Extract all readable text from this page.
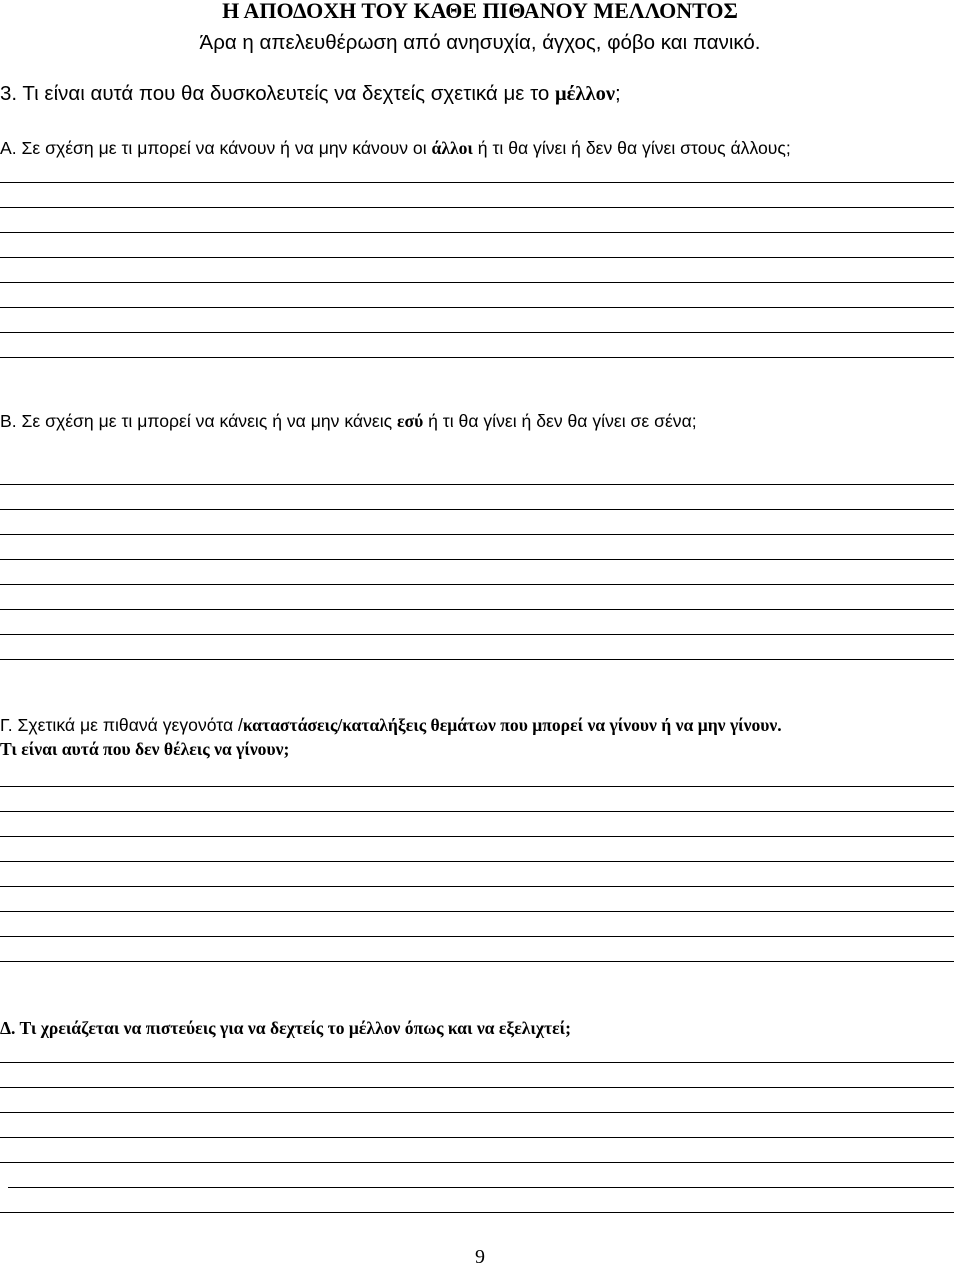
Η ΑΠΟΔΟΧΗ ΤΟΥ ΚΑΘΕ ΠΙΘΑΝΟΥ ΜΕΛΛΟΝΤΟΣ
Άρα η απελευθέρωση από ανησυχία, άγχος, φόβο και πανικό.
3. Τι είναι αυτά που θα δυσκολευτείς να δεχτείς σχετικά με το μέλλον;
Α. Σε σχέση με τι μπορεί να κάνουν ή να μην κάνουν οι άλλοι ή τι θα γίνει ή δεν θα γίνει στους άλλους;
Β. Σε σχέση με τι μπορεί να κάνεις ή να μην κάνεις εσύ ή τι θα γίνει ή δεν θα γίνει σε σένα;
Γ. Σχετικά με πιθανά γεγονότα /καταστάσεις/καταλήξεις θεμάτων που μπορεί να γίνουν ή να μην γίνουν.
Τι είναι αυτά που δεν θέλεις να γίνουν;
Δ. Τι χρειάζεται να πιστεύεις για να δεχτείς το μέλλον όπως και να εξελιχτεί;
9
